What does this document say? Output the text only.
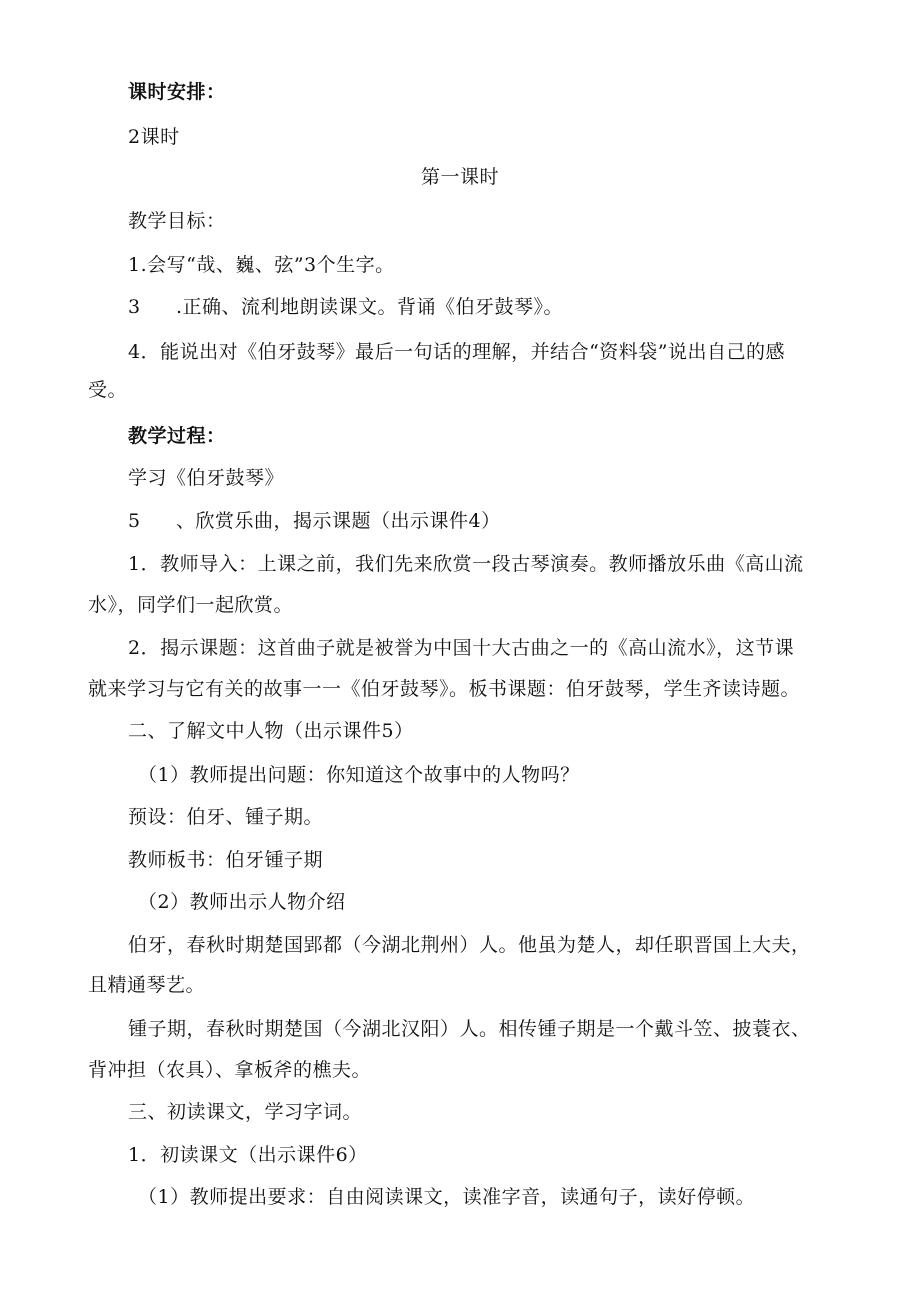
课时安排：
2课时
第一课时
教学目标：
1.会写“哉、巍、弦”3个生字。
3 .正确、流利地朗读课文。背诵《伯牙鼓琴》。
4．能说出对《伯牙鼓琴》最后一句话的理解，并结合“资料袋”说出自己的感
受。
教学过程：
学习《伯牙鼓琴》
5 、欣赏乐曲，揭示课题（出示课件4）
1．教师导入：上课之前，我们先来欣赏一段古琴演奏。教师播放乐曲《高山流
水》，同学们一起欣赏。
2．揭示课题：这首曲子就是被誉为中国十大古曲之一的《高山流水》，这节课
就来学习与它有关的故事一一《伯牙鼓琴》。板书课题：伯牙鼓琴，学生齐读诗题。
二、了解文中人物（出示课件5）
（1）教师提出问题：你知道这个故事中的人物吗？
预设：伯牙、锺子期。
教师板书：伯牙锺子期
（2）教师出示人物介绍
伯牙，春秋时期楚国郢都（今湖北荆州）人。他虽为楚人，却任职晋国上大夫，
且精通琴艺。
锺子期，春秋时期楚国（今湖北汉阳）人。相传锺子期是一个戴斗笠、披蓑衣、
背冲担（农具）、拿板斧的樵夫。
三、初读课文，学习字词。
1．初读课文（出示课件6）
（1）教师提出要求：自由阅读课文，读准字音，读通句子，读好停顿。
